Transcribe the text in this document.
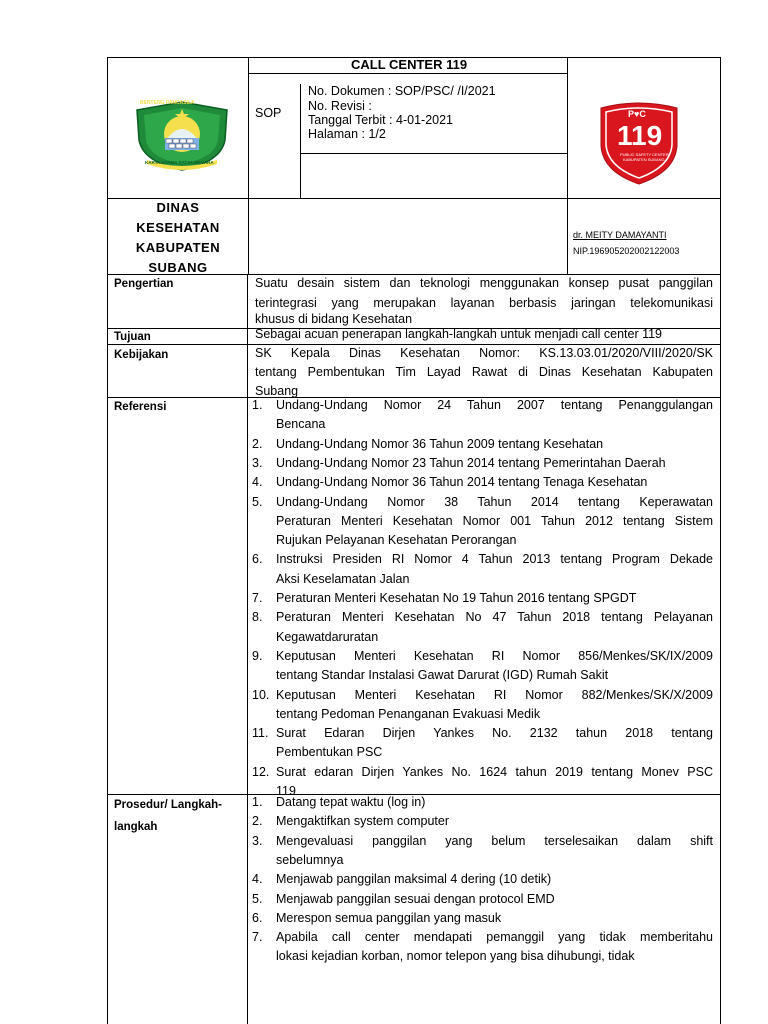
CALL CENTER 119
BENTENG PANCASILA
KARYA UTAMA SATYA NEGARA
SOP
No. Dokumen : SOP/PSC/ /I/2021
No. Revisi :
Tanggal Terbit : 4-01-2021
Halaman : 1/2
P♥C
119
PUBLIC SAFETY CENTER
KABUPATEN SUBANG
DINAS
KESEHATAN
KABUPATEN
SUBANG
dr. MEITY DAMAYANTI
NIP.196905202002122003
Pengertian	Suatu desain sistem dan teknologi menggunakan konsep pusat panggilan
terintegrasi yang merupakan layanan berbasis jaringan telekomunikasi
khusus di bidang Kesehatan
Tujuan	Sebagai acuan penerapan langkah-langkah untuk menjadi call center 119
Kebijakan	SK Kepala Dinas Kesehatan Nomor: KS.13.03.01/2020/VIII/2020/SK
tentang Pembentukan Tim Layad Rawat di Dinas Kesehatan Kabupaten
Subang
Referensi	1. Undang-Undang Nomor 24 Tahun 2007 tentang Penanggulangan
Bencana
2. Undang-Undang Nomor 36 Tahun 2009 tentang Kesehatan
3. Undang-Undang Nomor 23 Tahun 2014 tentang Pemerintahan Daerah
4. Undang-Undang Nomor 36 Tahun 2014 tentang Tenaga Kesehatan
5. Undang-Undang Nomor 38 Tahun 2014 tentang Keperawatan
Peraturan Menteri Kesehatan Nomor 001 Tahun 2012 tentang Sistem
Rujukan Pelayanan Kesehatan Perorangan
6. Instruksi Presiden RI Nomor 4 Tahun 2013 tentang Program Dekade
Aksi Keselamatan Jalan
7. Peraturan Menteri Kesehatan No 19 Tahun 2016 tentang SPGDT
8. Peraturan Menteri Kesehatan No 47 Tahun 2018 tentang Pelayanan
Kegawatdaruratan
9. Keputusan Menteri Kesehatan RI Nomor 856/Menkes/SK/IX/2009
tentang Standar Instalasi Gawat Darurat (IGD) Rumah Sakit
10. Keputusan Menteri Kesehatan RI Nomor 882/Menkes/SK/X/2009
tentang Pedoman Penanganan Evakuasi Medik
11. Surat Edaran Dirjen Yankes No. 2132 tahun 2018 tentang
Pembentukan PSC
12. Surat edaran Dirjen Yankes No. 1624 tahun 2019 tentang Monev PSC
119
Prosedur/ Langkah-
langkah
1. Datang tepat waktu (log in)
2. Mengaktifkan system computer
3. Mengevaluasi panggilan yang belum terselesaikan dalam shift
sebelumnya
4. Menjawab panggilan maksimal 4 dering (10 detik)
5. Menjawab panggilan sesuai dengan protocol EMD
6. Merespon semua panggilan yang masuk
7. Apabila call center mendapati pemanggil yang tidak memberitahu
lokasi kejadian korban, nomor telepon yang bisa dihubungi, tidak
